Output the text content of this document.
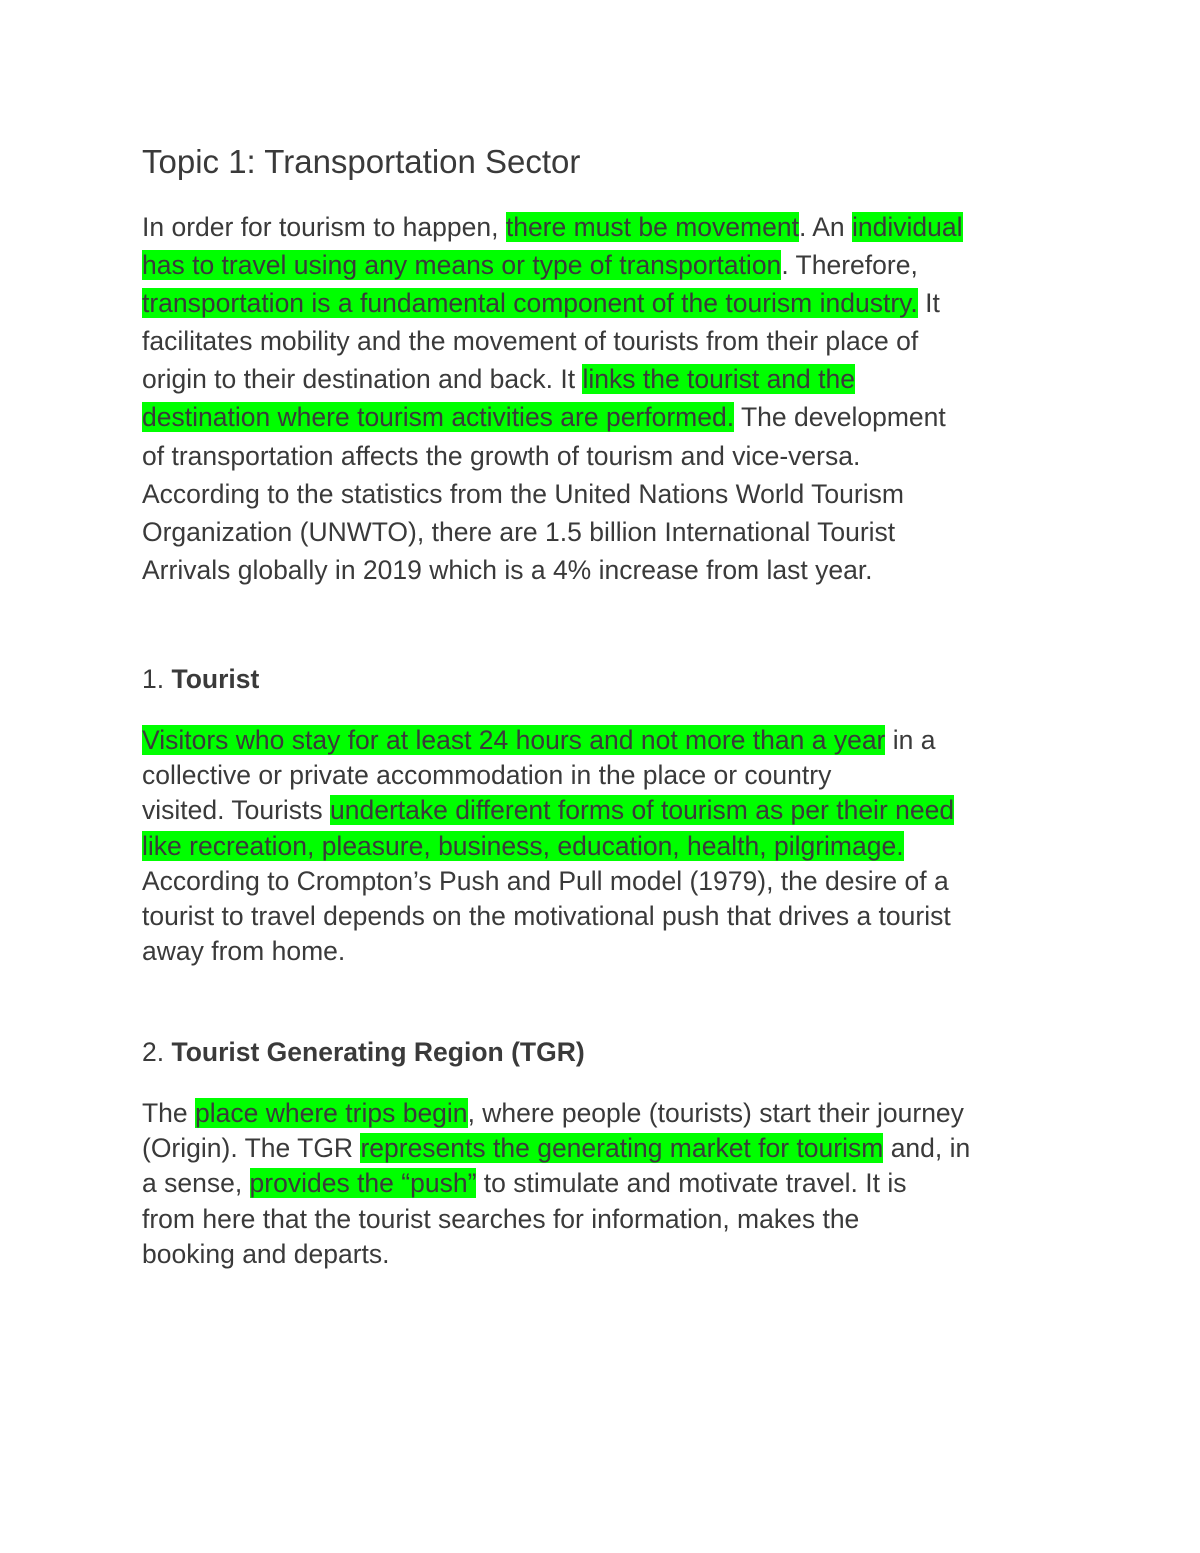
Topic 1: Transportation Sector

In order for tourism to happen, there must be movement. An individual
has to travel using any means or type of transportation. Therefore,
transportation is a fundamental component of the tourism industry. It
facilitates mobility and the movement of tourists from their place of
origin to their destination and back. It links the tourist and the
destination where tourism activities are performed. The development
of transportation affects the growth of tourism and vice-versa.
According to the statistics from the United Nations World Tourism
Organization (UNWTO), there are 1.5 billion International Tourist
Arrivals globally in 2019 which is a 4% increase from last year.

1. Tourist

Visitors who stay for at least 24 hours and not more than a year in a
collective or private accommodation in the place or country
visited. Tourists undertake different forms of tourism as per their need
like recreation, pleasure, business, education, health, pilgrimage.
According to Crompton’s Push and Pull model (1979), the desire of a
tourist to travel depends on the motivational push that drives a tourist
away from home.

2. Tourist Generating Region (TGR)

The place where trips begin, where people (tourists) start their journey
(Origin). The TGR represents the generating market for tourism and, in
a sense, provides the “push” to stimulate and motivate travel. It is
from here that the tourist searches for information, makes the
booking and departs.
